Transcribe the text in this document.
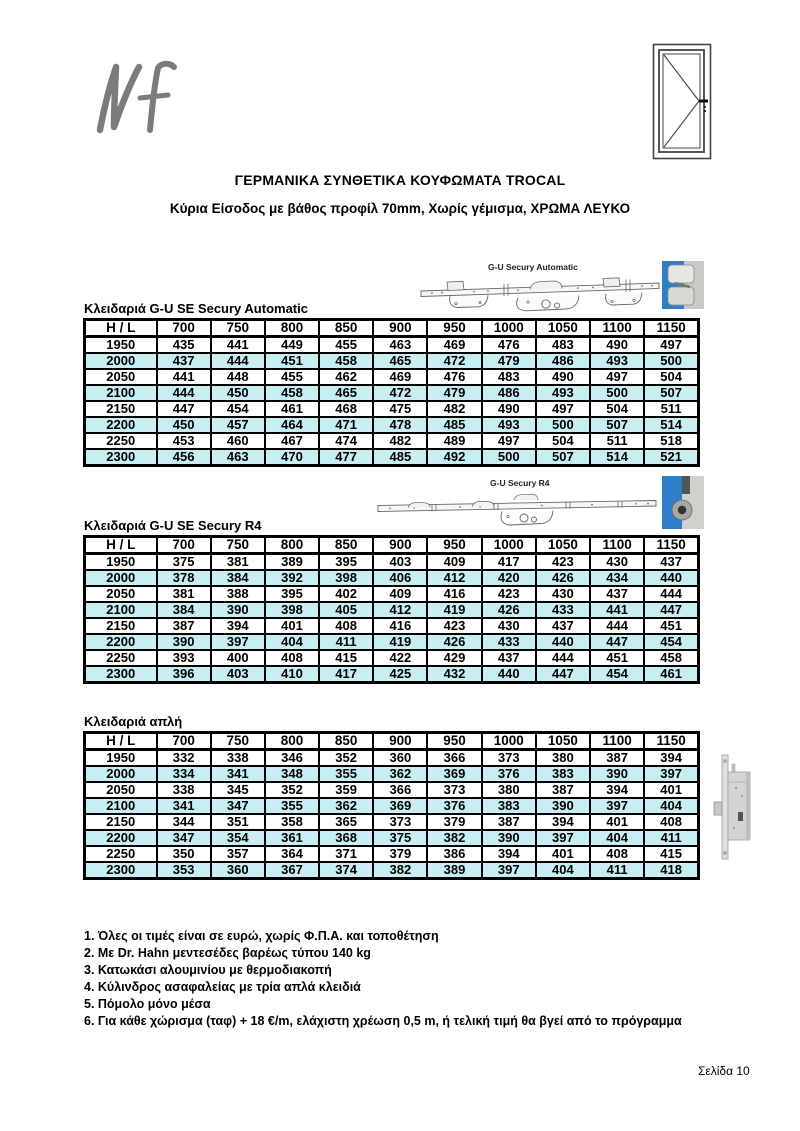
ΓΕΡΜΑΝΙΚΑ ΣΥΝΘΕΤΙΚΑ ΚΟΥΦΩΜΑΤΑ TROCAL
Κύρια Είσοδος με βάθος προφίλ 70mm, Χωρίς γέμισμα, ΧΡΩΜΑ ΛΕΥΚΟ
G-U Secury Automatic
Κλειδαριά G-U SE Secury Automatic
H / L	700	750	800	850	900	950	1000	1050	1100	1150
1950	435	441	449	455	463	469	476	483	490	497
2000	437	444	451	458	465	472	479	486	493	500
2050	441	448	455	462	469	476	483	490	497	504
2100	444	450	458	465	472	479	486	493	500	507
2150	447	454	461	468	475	482	490	497	504	511
2200	450	457	464	471	478	485	493	500	507	514
2250	453	460	467	474	482	489	497	504	511	518
2300	456	463	470	477	485	492	500	507	514	521
G-U Secury R4
Κλειδαριά G-U SE Secury R4
H / L	700	750	800	850	900	950	1000	1050	1100	1150
1950	375	381	389	395	403	409	417	423	430	437
2000	378	384	392	398	406	412	420	426	434	440
2050	381	388	395	402	409	416	423	430	437	444
2100	384	390	398	405	412	419	426	433	441	447
2150	387	394	401	408	416	423	430	437	444	451
2200	390	397	404	411	419	426	433	440	447	454
2250	393	400	408	415	422	429	437	444	451	458
2300	396	403	410	417	425	432	440	447	454	461
Κλειδαριά απλή
H / L	700	750	800	850	900	950	1000	1050	1100	1150
1950	332	338	346	352	360	366	373	380	387	394
2000	334	341	348	355	362	369	376	383	390	397
2050	338	345	352	359	366	373	380	387	394	401
2100	341	347	355	362	369	376	383	390	397	404
2150	344	351	358	365	373	379	387	394	401	408
2200	347	354	361	368	375	382	390	397	404	411
2250	350	357	364	371	379	386	394	401	408	415
2300	353	360	367	374	382	389	397	404	411	418
1. Όλες οι τιμές είναι σε ευρώ, χωρίς Φ.Π.Α. και τοποθέτηση
2. Με Dr. Hahn μεντεσέδες βαρέως τύπου 140 kg
3. Κατωκάσι αλουμινίου με θερμοδιακοπή
4. Κύλινδρος ασαφαλείας με τρία απλά κλειδιά
5. Πόμολο μόνο μέσα
6. Για κάθε χώρισμα (ταφ) + 18 €/m, ελάχιστη χρέωση 0,5 m, ή τελική τιμή θα βγεί από το πρόγραμμα
Σελίδα 10
